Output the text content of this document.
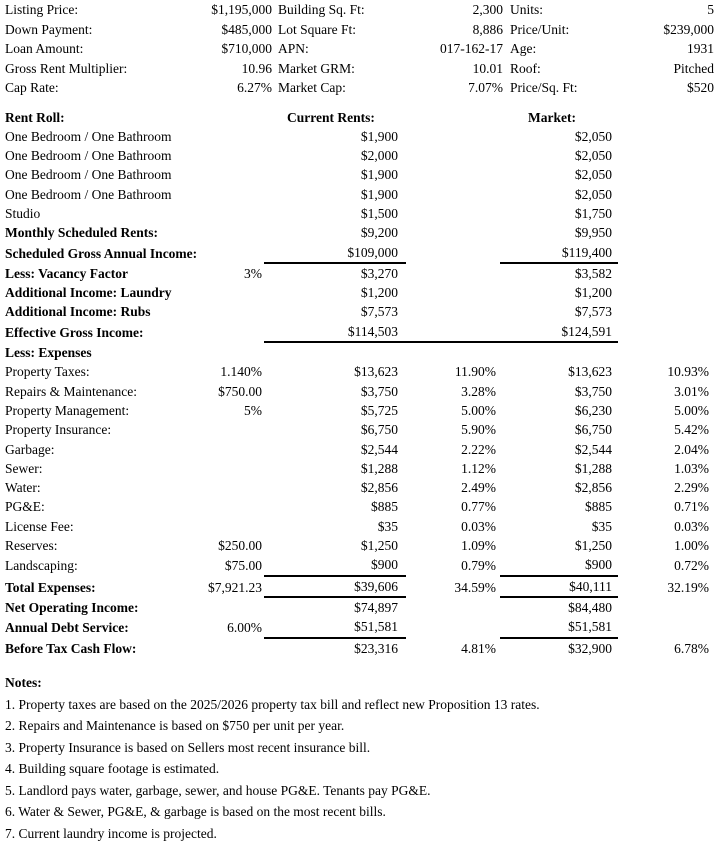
Listing Price:	$1,195,000	Building Sq. Ft:	2,300	Units:	5
Down Payment:	$485,000	Lot Square Ft:	8,886	Price/Unit:	$239,000
Loan Amount:	$710,000	APN:	017-162-17	Age:	1931
Gross Rent Multiplier:	10.96	Market GRM:	10.01	Roof:	Pitched
Cap Rate:	6.27%	Market Cap:	7.07%	Price/Sq. Ft:	$520

Rent Roll:		Current Rents:		Market:	
One Bedroom / One Bathroom		$1,900		$2,050	
One Bedroom / One Bathroom		$2,000		$2,050	
One Bedroom / One Bathroom		$1,900		$2,050	
One Bedroom / One Bathroom		$1,900		$2,050	
Studio		$1,500		$1,750	
Monthly Scheduled Rents:		$9,200		$9,950	
Scheduled Gross Annual Income:		$109,000		$119,400	
Less: Vacancy Factor	3%	$3,270		$3,582	
Additional Income: Laundry		$1,200		$1,200	
Additional Income: Rubs		$7,573		$7,573	
Effective Gross Income:		$114,503		$124,591	
Less: Expenses					
Property Taxes:	1.140%	$13,623	11.90%	$13,623	10.93%
Repairs & Maintenance:	$750.00	$3,750	3.28%	$3,750	3.01%
Property Management:	5%	$5,725	5.00%	$6,230	5.00%
Property Insurance:		$6,750	5.90%	$6,750	5.42%
Garbage:		$2,544	2.22%	$2,544	2.04%
Sewer:		$1,288	1.12%	$1,288	1.03%
Water:		$2,856	2.49%	$2,856	2.29%
PG&E:		$885	0.77%	$885	0.71%
License Fee:		$35	0.03%	$35	0.03%
Reserves:	$250.00	$1,250	1.09%	$1,250	1.00%
Landscaping:	$75.00	$900	0.79%	$900	0.72%
Total Expenses:	$7,921.23	$39,606	34.59%	$40,111	32.19%
Net Operating Income:		$74,897		$84,480	
Annual Debt Service:	6.00%	$51,581		$51,581	
Before Tax Cash Flow:		$23,316	4.81%	$32,900	6.78%
Notes:
1. Property taxes are based on the 2025/2026 property tax bill and reflect new Proposition 13 rates.
2. Repairs and Maintenance is based on $750 per unit per year.
3. Property Insurance is based on Sellers most recent insurance bill.
4. Building square footage is estimated.
5. Landlord pays water, garbage, sewer, and house PG&E. Tenants pay PG&E.
6. Water & Sewer, PG&E, & garbage is based on the most recent bills.
7. Current laundry income is projected.
